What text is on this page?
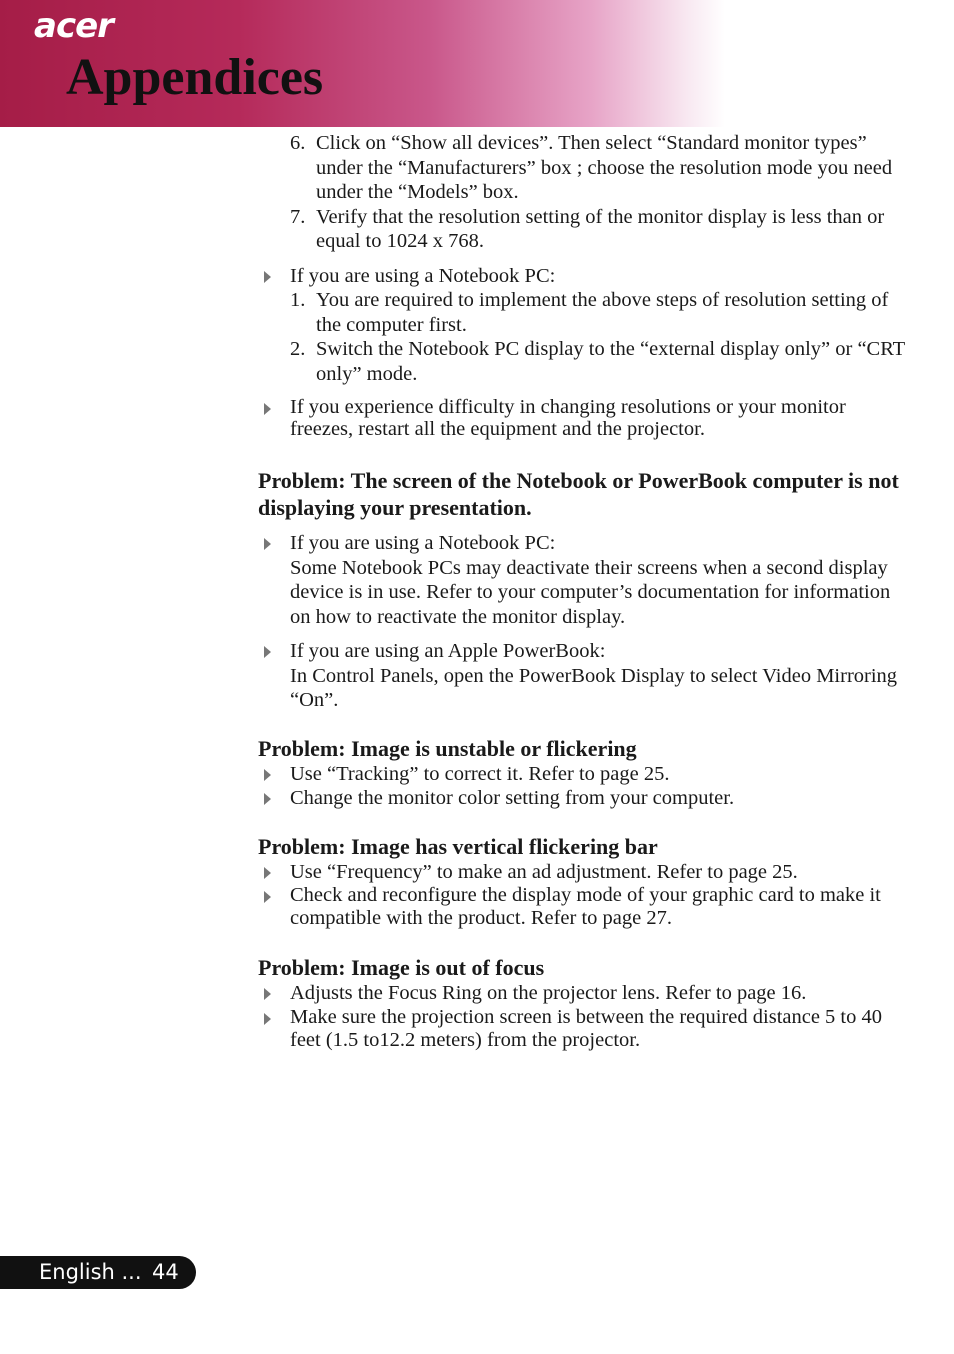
acer
Appendices
6. Click on “Show all devices”. Then select “Standard monitor types” under the “Manufacturers” box ; choose the resolution mode you need under the “Models” box.
7. Verify that the resolution setting of the monitor display is less than or equal to 1024 x 768.
If you are using a Notebook PC:
1. You are required to implement the above steps of resolution setting of the computer first.
2. Switch the Notebook PC display to the “external display only” or “CRT only” mode.
If you experience difficulty in changing resolutions or your monitor freezes, restart all the equipment and the projector.
Problem: The screen of the Notebook or PowerBook computer is not displaying your presentation.
If you are using a Notebook PC:
Some Notebook PCs may deactivate their screens when a second display device is in use. Refer to your computer’s documentation for information on how to reactivate the monitor display.
If you are using an Apple PowerBook:
In Control Panels, open the PowerBook Display to select Video Mirroring “On”.
Problem: Image is unstable or flickering
Use “Tracking” to correct it. Refer to page 25.
Change the monitor color setting from your computer.
Problem: Image has vertical flickering bar
Use “Frequency” to make an ad adjustment. Refer to page 25.
Check and reconfigure the display mode of your graphic card to make it compatible with the product. Refer to page 27.
Problem: Image is out of focus
Adjusts the Focus Ring on the projector lens. Refer to page 16.
Make sure the projection screen is between the required distance 5 to 40 feet (1.5 to12.2 meters) from the projector.
English ... 44
